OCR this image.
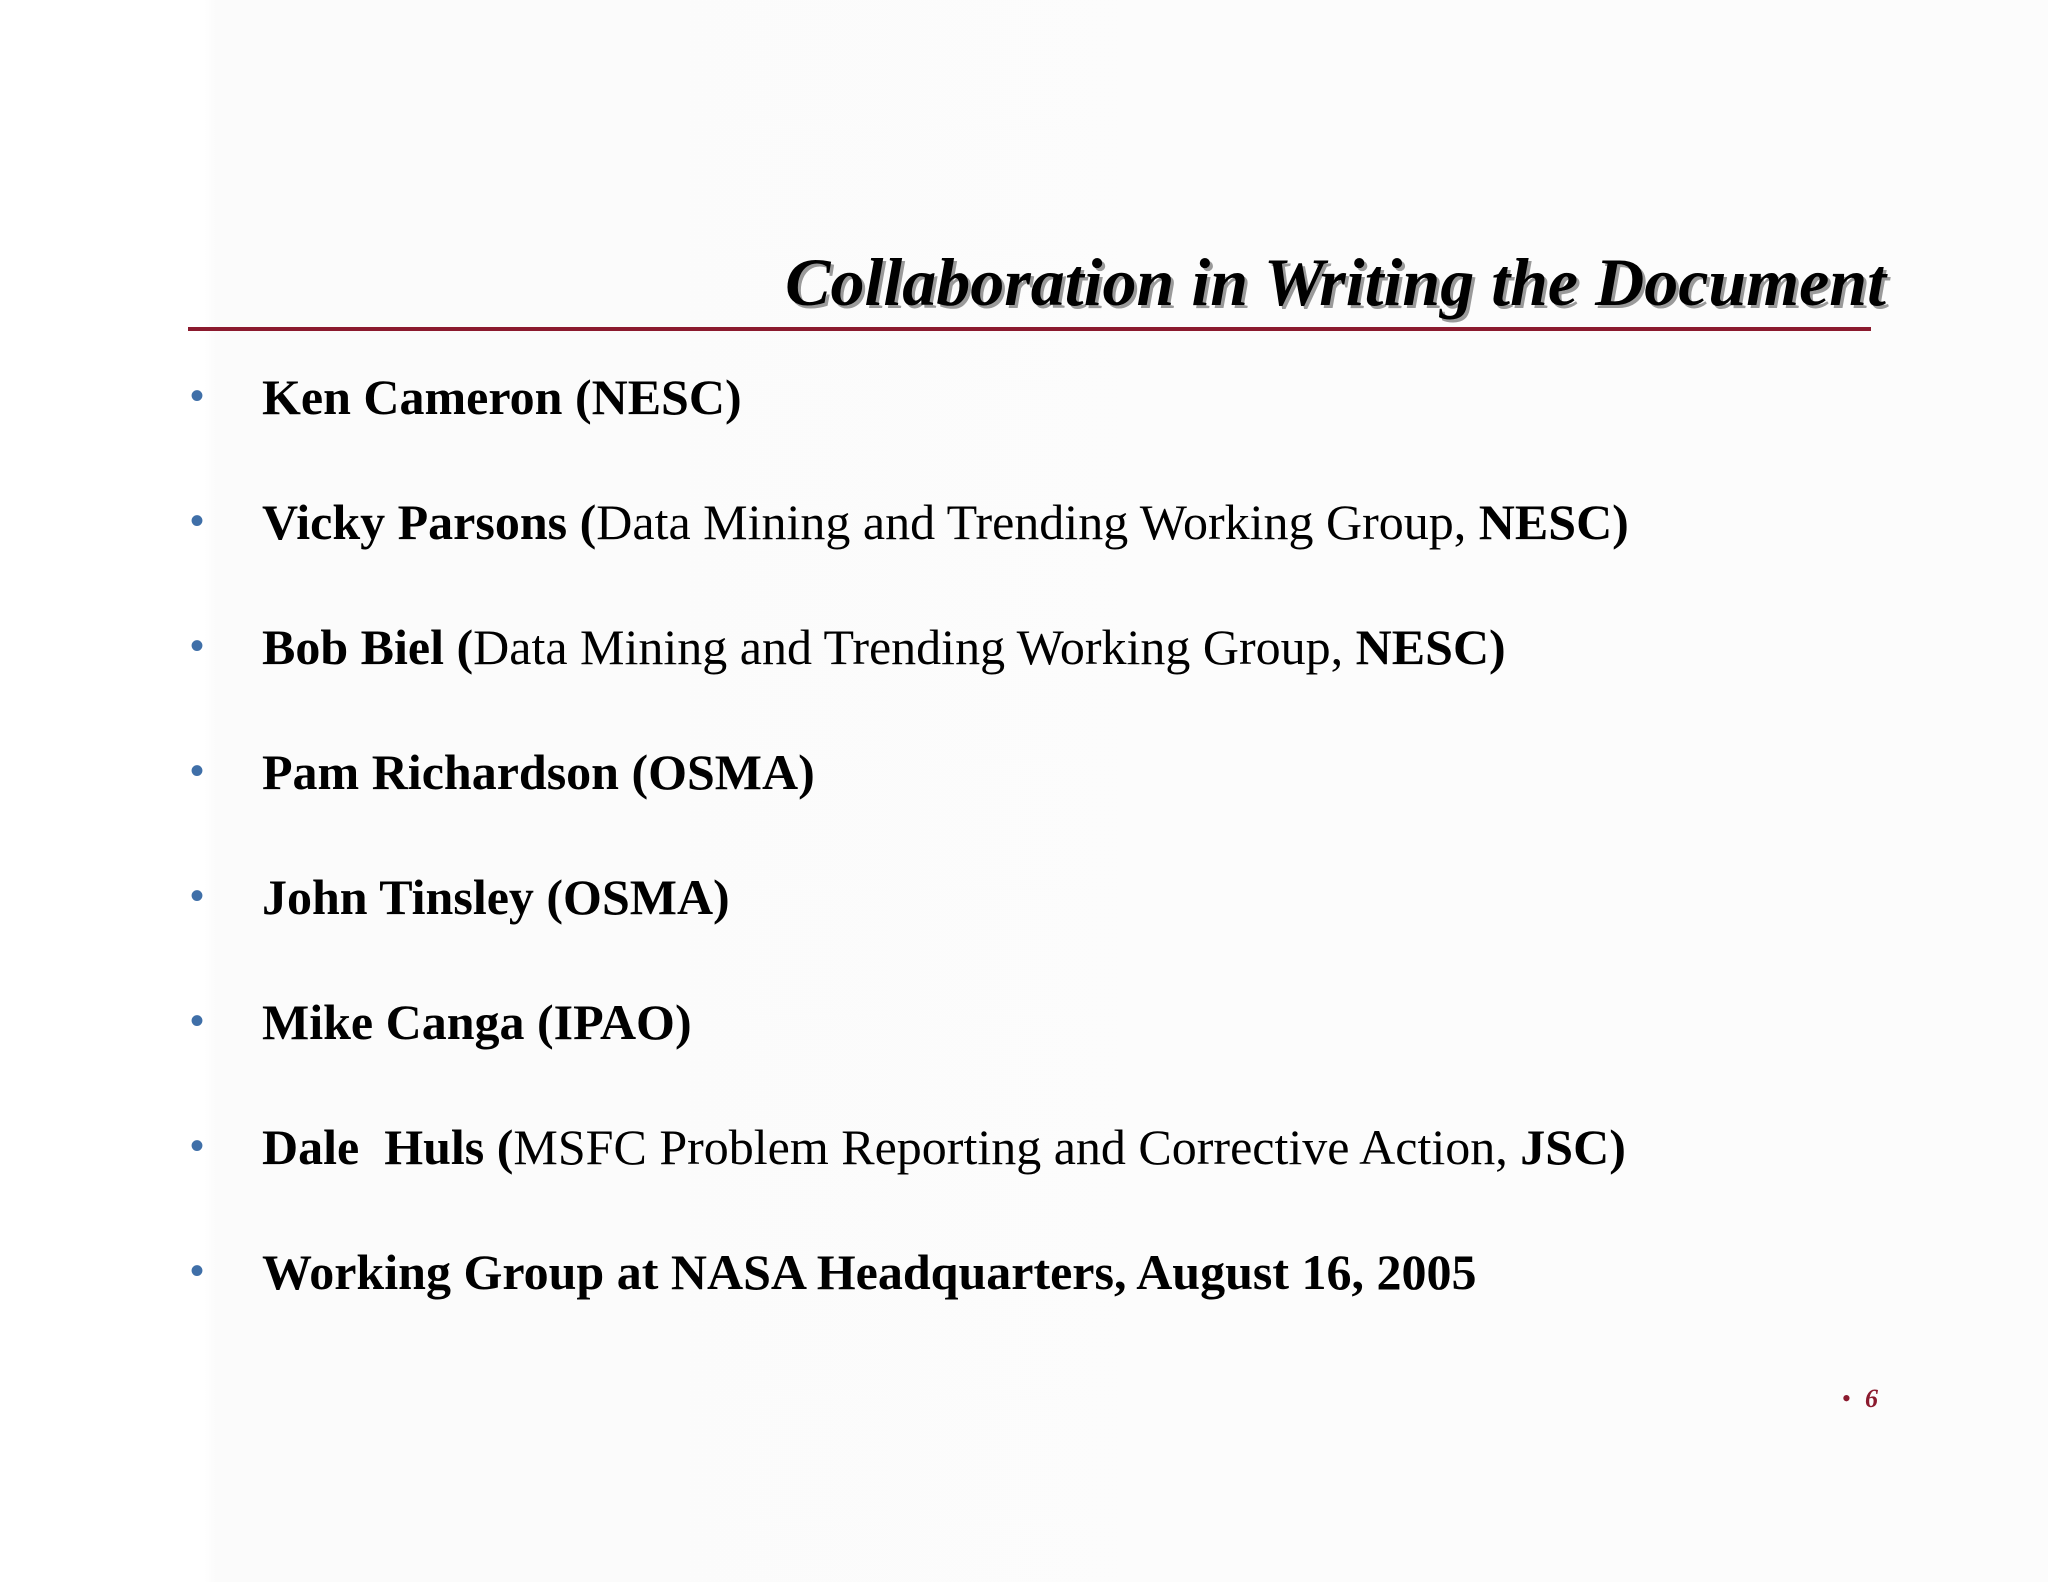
Collaboration in Writing the Document
• Ken Cameron (NESC)
• Vicky Parsons (Data Mining and Trending Working Group, NESC)
• Bob Biel (Data Mining and Trending Working Group, NESC)
• Pam Richardson (OSMA)
• John Tinsley (OSMA)
• Mike Canga (IPAO)
• Dale  Huls (MSFC Problem Reporting and Corrective Action, JSC)
• Working Group at NASA Headquarters, August 16, 2005
• 6
